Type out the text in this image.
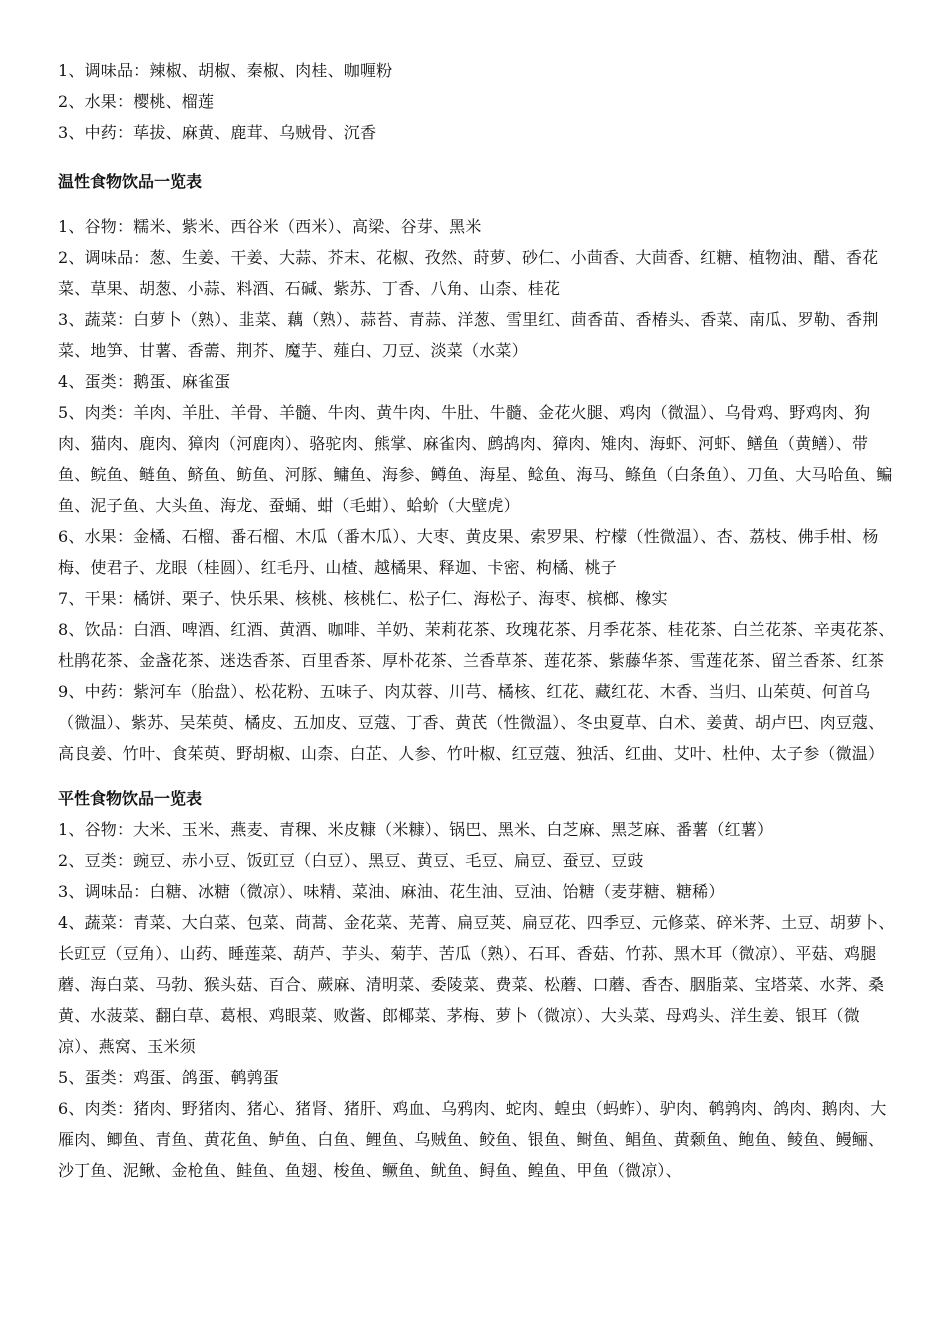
1、调味品：辣椒、胡椒、秦椒、肉桂、咖喱粉

2、水果：樱桃、榴莲

3、中药：荜拔、麻黄、鹿茸、乌贼骨、沉香

温性食物饮品一览表

1、谷物：糯米、紫米、西谷米（西米）、高梁、谷芽、黑米

2、调味品：葱、生姜、干姜、大蒜、芥末、花椒、孜然、莳萝、砂仁、小茴香、大茴香、红糖、植物油、醋、香花菜、草果、胡葱、小蒜、料酒、石碱、紫苏、丁香、八角、山柰、桂花

3、蔬菜：白萝卜（熟）、韭菜、藕（熟）、蒜苔、青蒜、洋葱、雪里红、茴香苗、香椿头、香菜、南瓜、罗勒、香荆菜、地笋、甘薯、香薷、荆芥、魔芋、薤白、刀豆、淡菜（水菜）

4、蛋类：鹅蛋、麻雀蛋

5、肉类：羊肉、羊肚、羊骨、羊髓、牛肉、黄牛肉、牛肚、牛髓、金花火腿、鸡肉（微温）、乌骨鸡、野鸡肉、狗肉、猫肉、鹿肉、獐肉（河鹿肉）、骆驼肉、熊掌、麻雀肉、鹧鸪肉、獐肉、雉肉、海虾、河虾、鳝鱼（黄鳝）、带鱼、鲩鱼、鲢鱼、鲚鱼、鲂鱼、河豚、鳙鱼、海参、鳟鱼、海星、鲶鱼、海马、鲦鱼（白条鱼）、刀鱼、大马哈鱼、鳊鱼、泥子鱼、大头鱼、海龙、蚕蛹、蚶（毛蚶）、蛤蚧（大壁虎）

6、水果：金橘、石榴、番石榴、木瓜（番木瓜）、大枣、黄皮果、索罗果、柠檬（性微温）、杏、荔枝、佛手柑、杨梅、使君子、龙眼（桂圆）、红毛丹、山楂、越橘果、释迦、卡密、枸橘、桃子

7、干果：橘饼、栗子、快乐果、核桃、核桃仁、松子仁、海松子、海枣、槟榔、橡实

8、饮品：白酒、啤酒、红酒、黄酒、咖啡、羊奶、茉莉花茶、玫瑰花茶、月季花茶、桂花茶、白兰花茶、辛夷花茶、杜鹃花茶、金盏花茶、迷迭香茶、百里香茶、厚朴花茶、兰香草茶、莲花茶、紫藤华茶、雪莲花茶、留兰香茶、红茶

9、中药：紫河车（胎盘）、松花粉、五味子、肉苁蓉、川芎、橘核、红花、藏红花、木香、当归、山茱萸、何首乌（微温）、紫苏、吴茱萸、橘皮、五加皮、豆蔻、丁香、黄芪（性微温）、冬虫夏草、白术、姜黄、胡卢巴、肉豆蔻、高良姜、竹叶、食茱萸、野胡椒、山柰、白芷、人参、竹叶椒、红豆蔻、独活、红曲、艾叶、杜仲、太子参（微温）

平性食物饮品一览表

1、谷物：大米、玉米、燕麦、青稞、米皮糠（米糠）、锅巴、黑米、白芝麻、黑芝麻、番薯（红薯）

2、豆类：豌豆、赤小豆、饭豇豆（白豆）、黑豆、黄豆、毛豆、扁豆、蚕豆、豆豉

3、调味品：白糖、冰糖（微凉）、味精、菜油、麻油、花生油、豆油、饴糖（麦芽糖、糖稀）

4、蔬菜：青菜、大白菜、包菜、茼蒿、金花菜、芜菁、扁豆荚、扁豆花、四季豆、元修菜、碎米荠、土豆、胡萝卜、长豇豆（豆角）、山药、睡莲菜、葫芦、芋头、菊芋、苦瓜（熟）、石耳、香菇、竹荪、黑木耳（微凉）、平菇、鸡腿蘑、海白菜、马勃、猴头菇、百合、蕨麻、清明菜、委陵菜、费菜、松蘑、口蘑、香杏、胭脂菜、宝塔菜、水荠、桑黄、水菠菜、翻白草、葛根、鸡眼菜、败酱、郎椰菜、茅梅、萝卜（微凉）、大头菜、母鸡头、洋生姜、银耳（微凉）、燕窝、玉米须

5、蛋类：鸡蛋、鸽蛋、鹌鹑蛋

6、肉类：猪肉、野猪肉、猪心、猪肾、猪肝、鸡血、乌鸦肉、蛇肉、蝗虫（蚂蚱）、驴肉、鹌鹑肉、鸽肉、鹅肉、大雁肉、鲫鱼、青鱼、黄花鱼、鲈鱼、白鱼、鲤鱼、乌贼鱼、鲛鱼、银鱼、鲥鱼、鲳鱼、黄颡鱼、鲍鱼、鲮鱼、鳗鲡、沙丁鱼、泥鳅、金枪鱼、鲑鱼、鱼翅、梭鱼、鳜鱼、鱿鱼、鲟鱼、鳇鱼、甲鱼（微凉）、
